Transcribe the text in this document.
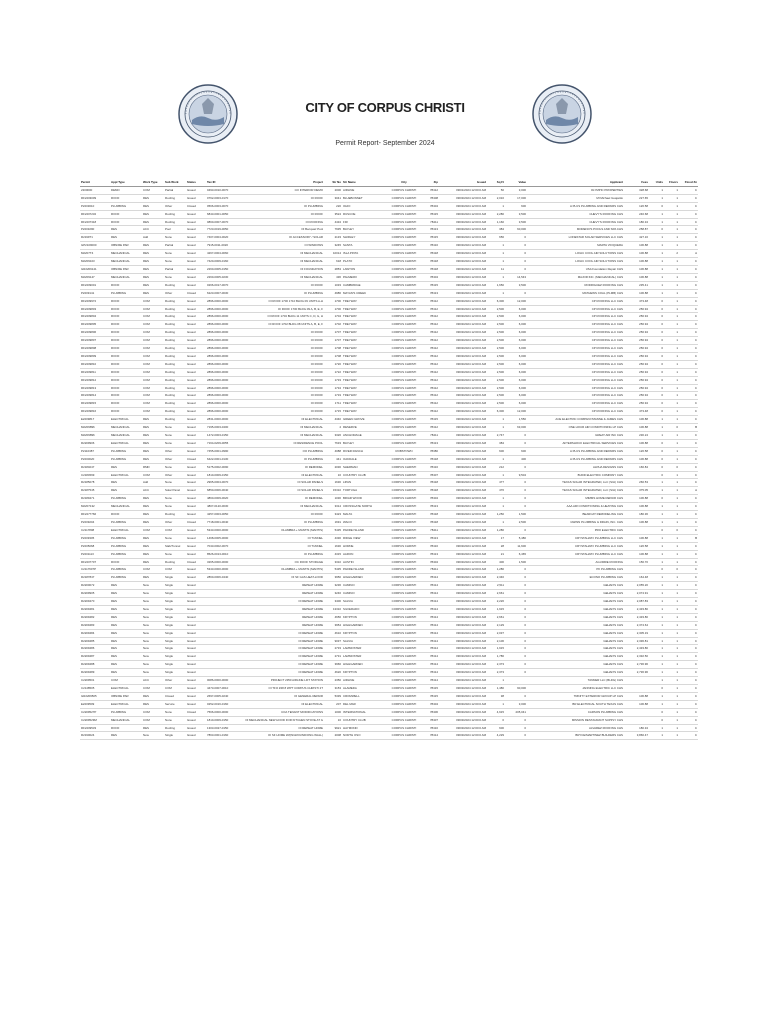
CITY OF CORPUS CHRISTI
Permit Report- September 2024
Permit	Appl Type	Work Type	Sub Work	Status	Tax ID	Project	Str No	Str Name	City	Zip	Issued	Sq Ft	Value	Applicant	Fees	Units	Floors	Flood Zn
2200000	DEMO	COM	Partial	Issued	0493-0010-0070	CO INTERIOR DEMO	2000	AIRLINE	CORPUS CHRISTI	78412	09/01/2024 12:00:0 AM	50	3,000	OLYMPIC PROPERTIES	328.68	1	1	C
RF2203009	ROOF	RES	Roofing	Issued	0762-0003-0170	OI ROOF	3041	BLUEBONNET	CORPUS CHRISTI	78408	09/03/2024 12:00:0 AM	2,016	17,000	MI Michael Guajardo	227.65	1	1	C
P2203010	PLUMBING	RES	Other	Closed	0566-0003-0070	OI PLUMBING	220	OHIO	CORPUS CHRISTI	78404	09/03/2024 12:00:0 AM	1	600	A PLUS PLUMBING AND REPAIRS CHS	126.58	0	1	C
RF2207232	ROOF	RES	Roofing	Issued	6843-0001-0050	OI ROOF	3524	RUSCOE	CORPUS CHRISTI	78415	09/03/2024 12:00:0 AM	2,280	3,500	CHEVY'S ROOFING CHS	246.68	1	1	C
RF2207318	ROOF	RES	Roofing	Issued	0860-0007-0070	OI ROOFING	4434	FIR	CORPUS CHRISTI	78411	09/03/2024 12:00:0 AM	1,160	3,500	CHEVY'S ROOFING CHS	180.34	1	1	C
P2203290	RES	ACC	Pool	Issued	7723-0019-0050	OI Becquaz Pool	7935	BAYLEY	CORPUS CHRISTI	78413	09/03/2024 12:00:0 AM	384	60,000	MORENO'S POOLS AND SPA CHS	258.87	0	1	C
R2199T1	RES	Add	None	Issued	7407-0004-0020	OI ACCESSORY / SOLAR	2133	SHIRLEY	CORPUS CHRISTI	78415	09/03/2024 12:00:0 AM	656	0	LONESTAR SOLAR SERVICES LLC CHS	427.16	1	1	C
GP2109000	OBN/RE PAR	RES	Partial	Issued	7915-0011-0020	OI WINDOWS	3245	SANTA	CORPUS CHRISTI	78416	09/03/2024 12:00:0 AM	1	0	MARTA VIOQUERA	106.88	1	1	C
M2207T4	MECHANICAL	RES	None	Issued	4267-0004-0060	OI MECHANICAL	10014	ISLA PINTA	CORPUS CHRISTI	78418	09/03/2024 12:00:0 AM	1	0	LOGIC COOL AIR SOLUTIONS CHS	106.88	1	2	A
M2209103	MECHANICAL	RES	None	Issued	7420-0009-0160	OI MECHANICAL	618	PLATO	CORPUS CHRISTI	78418	09/03/2024 12:00:0 AM	1	0	LOGIC COOL AIR SOLUTIONS CHS	106.88	1	1	C
GR2209141	OBN/RE PAR	RES	Partial	Issued	2260-0005-0150	OI FOUNDATION	2853	LAWTON	CORPUS CHRISTI	78418	09/03/2024 12:00:0 AM	11	0	USA Foundation Repair CHS	106.88	1	1	C
M2209147	MECHANICAL	RES	None	Issued	2260-0005-0230	OI MECHANICAL	436	PALMERO	CORPUS CHRISTI	78404	09/03/2024 12:00:0 AM	1	14,543	MAJOR INC. (MECHANICAL) CHS	106.88	1	1	C
RF2209001	ROOF	RES	Roofing	Issued	0266-0017-0070	OI ROOF	1033	CAMBRIDGE	CORPUS CHRISTI	78415	09/03/2024 12:00:0 AM	1,650	3,500	RODRIGUEZ ROOFING CHS	235.41	1	1	C
P2209141	PLUMBING	RES	Other	Closed	6223-0007-0030	OI PLUMBING	4986	MAYAN'S CREEK	CORPUS CHRISTI	78413	09/03/2024 12:00:0 AM	1	0	MATHEWS COAL (PLMB) CHS	106.88	1	1	C
RF2209972	ROOF	COM	Roofing	Issued	2896-0000-0000	OI ROOF 1700 1710 BLDG 09 UNITS A-H	1700	TREYWAY	CORPUS CHRISTI	78412	09/03/2024 12:00:0 AM	6,300	12,000	CP ROOFING LLC CHS	473.48	0	1	C
RF2209803	ROOF	COM	Roofing	Issued	2896-0000-0000	OI ROOF 1700 BLDG 09 A, B, E, F	1700	TREYWAY	CORPUS CHRISTI	78412	09/03/2024 12:00:0 AM	2,500	6,000	CP ROOFING LLC CHS	256.94	0	1	C
RF2209804	ROOF	COM	Roofing	Issued	2896-0000-0000	OI ROOF 1704 BLDG 11 UNITS C, D, G, H	1704	TREYWAY	CORPUS CHRISTI	78412	09/03/2024 12:00:0 AM	2,500	6,000	CP ROOFING LLC CHS	256.94	0	1	C
RF2209805	ROOF	COM	Roofing	Issued	2896-0000-0000	OI ROOF 1702 BLDG 08 UNITS A, B, E, F	1702	TREYWAY	CORPUS CHRISTI	78412	09/03/2024 12:00:0 AM	2,500	6,000	CP ROOFING LLC CHS	256.94	0	1	C
RF2209806	ROOF	COM	Roofing	Issued	2896-0000-0000	OI ROOF	1707	TREYWAY	CORPUS CHRISTI	78412	09/03/2024 12:00:0 AM	2,500	6,000	CP ROOFING LLC CHS	256.94	0	1	C
RF2209807	ROOF	COM	Roofing	Issued	2896-0000-0000	OI ROOF	1707	TREYWAY	CORPUS CHRISTI	78412	09/03/2024 12:00:0 AM	2,500	6,000	CP ROOFING LLC CHS	256.94	0	1	C
RF2209808	ROOF	COM	Roofing	Issued	2896-0000-0000	OI ROOF	1708	TREYWAY	CORPUS CHRISTI	78412	09/03/2024 12:00:0 AM	2,500	6,000	CP ROOFING LLC CHS	256.94	0	1	C
RF2209809	ROOF	COM	Roofing	Issued	2896-0000-0000	OI ROOF	1708	TREYWAY	CORPUS CHRISTI	78412	09/03/2024 12:00:0 AM	2,500	6,000	CP ROOFING LLC CHS	256.94	0	1	C
RF2209810	ROOF	COM	Roofing	Issued	2896-0000-0000	OI ROOF	1720	TREYWAY	CORPUS CHRISTI	78412	09/03/2024 12:00:0 AM	2,500	6,000	CP ROOFING LLC CHS	256.94	0	1	C
RF2209811	ROOF	COM	Roofing	Issued	2896-0000-0000	OI ROOF	1722	TREYWAY	CORPUS CHRISTI	78412	09/03/2024 12:00:0 AM	2,500	6,000	CP ROOFING LLC CHS	256.94	0	1	C
RF2209812	ROOF	COM	Roofing	Issued	2896-0000-0000	OI ROOF	1733	TREYWAY	CORPUS CHRISTI	78412	09/03/2024 12:00:0 AM	2,500	6,000	CP ROOFING LLC CHS	256.94	0	1	C
RF2209813	ROOF	COM	Roofing	Issued	2896-0000-0000	OI ROOF	1734	TREYWAY	CORPUS CHRISTI	78412	09/03/2024 12:00:0 AM	2,500	6,000	CP ROOFING LLC CHS	256.94	0	1	C
RF2209814	ROOF	COM	Roofing	Issued	2896-0000-0000	OI ROOF	1719	TREYWAY	CORPUS CHRISTI	78412	09/03/2024 12:00:0 AM	2,500	6,000	CP ROOFING LLC CHS	256.94	0	1	C
RF2209815	ROOF	COM	Roofing	Issued	2896-0000-0000	OI ROOF	1711	TREYWAY	CORPUS CHRISTI	78412	09/03/2024 12:00:0 AM	2,500	6,000	CP ROOFING LLC CHS	256.94	0	1	C
RF2209816	ROOF	COM	Roofing	Issued	2896-0000-0000	OI ROOF	1715	TREYWAY	CORPUS CHRISTI	78412	09/03/2024 12:00:0 AM	6,300	12,000	CP ROOFING LLC CHS	473.48	0	1	C
E2209817	ELECTRICAL	RES	Roofing	Issued	2831-0000-0000	OI ELECTRICAL	4340	GREEN GROVE	CORPUS CHRISTI	78415	09/03/2024 12:00:0 AM	1	1,550	ACE ELECTRIC COMPANY/MANNE & JAMES CHS	106.88	1	1	C
M2209896	MECHANICAL	RES	None	Issued	7195-0003-0400	OI MECHANICAL	4	RESERVE	CORPUS CHRISTI	78412	09/03/2024 12:00:0 AM	1	63,000	ONE HOUR AIR CONDITIONING LP CHS	106.88	1	0	B
M2209896	MECHANICAL	RES	None	Issued	1472-0003-0150	OI MECHANICAL	3326	ANCHORAGE	CORPUS CHRISTI	78411	09/03/2024 12:00:0 AM	2,747	0	GREAT AIR INC CHS	230.24	1	1	C
R2209906	ELECTRICAL	RES	None	Issued	7164-0209-0055	OI RESIDENCE POOL	7633	BAYLEY	CORPUS CHRISTI	78413	09/03/2024 12:00:0 AM	384	0	AFTERSHOCK ELECTRICAL SERVICES CHS	106.88	0	1	C
P2110387	PLUMBING	RES	Other	Issued	7455-0001-0990	OO PLUMBING	4088	RIVER RANCH	ROBSTOWN	78380	09/03/2024 12:00:0 AM	600	600	A PLUS PLUMBING AND REPAIRS CHS	126.58	0	1	C
P2200020	PLUMBING	RES	Other	Closed	6422-0001-0130	OI PLUMBING	441	OAKDALE	CORPUS CHRISTI	78418	09/03/2024 12:00:0 AM	1	400	A PLUS PLUMBING AND REPAIRS CHS	106.88	0	1	C
R2184047	RES	RMD	None	Issued	5175-0002-0090	OI REMODEL	2030	SHERMAN	CORPUS CHRISTI	78416	09/03/2024 12:00:0 AM	212	0	ALPHA DESIGNS CHS	166.84	0	0	C
C2184599	ELECTRICAL	COM	Other	Issued	1810-0009-0150	OI ELECTRICAL	16	COUNTRY CLUB	CORPUS CHRISTI	78407	09/03/2024 12:00:0 AM	1	9,504	BUDD ELECTRIC COMPANY CHS		0	1	C
R2185078	RES	Add	None	Issued	2965-0004-0070	OI SOLAR PANELS	1630	LIPAN	CORPUS CHRISTI	78418	09/03/2024 12:00:0 AM	477	0	TEXAS SOLAR INTEGRATED, LLC (SGI) CHS	266.53	1	1	C
R2187545	RES	ACC	Solar Panel	Issued	6850-0006-0040	OI SOLAR PANELS	15310	TORTUGA	CORPUS CHRISTI	78418	09/03/2024 12:00:0 AM	476	0	TEXAS SOLAR INTEGRATED, LLC (SGI) CHS	375.05	1	1	A
R2189471	PLUMBING	RES	None	Issued	4860-0009-0020	OI REMODEL	1030	BRIAR WOOD	CORPUS CHRISTI	78404	09/03/2024 12:00:0 AM	1	0	MIMMS HOME REPAIR CHS	106.88	0	1	C
M2207132	MECHANICAL	RES	None	Issued	4807-0120-0030	OI MECHANICAL	3314	CROSSGATE NORTH	CORPUS CHRISTI	78413	09/03/2024 12:00:0 AM	1	0	AAA AIR CONDITIONING & HEATING CHS	106.88	1	1	C
RF2277766	ROOF	RES	Roofing	Issued	4257-0003-0050	OI ROOF	3423	MALTA	CORPUS CHRISTI	78418	09/03/2024 12:00:0 AM	1,250	1,500	BEARCAT REMODELING CHS	180.36	1	1	C
P2209204	PLUMBING	RES	Other	Closed	7718-0001-0040	OI PLUMBING	1691	WACO	CORPUS CHRISTI	78418	09/03/2024 12:00:0 AM	1	2,500	GWINN PLUMBING & DRAIN, INC. CHS	106.88	1	1	C
C2117808	ELECTRICAL	COM	COM	Issued	5343-0000-0000	OLAMBRA + MANTIS (MANTIS)	5435	PADRE ISLAND	CORPUS CHRISTI	78411	09/03/2024 12:00:0 AM	1,280	0	PRO ELECTRIC CHS		0	0	C
P2209305	PLUMBING	RES	None	Issued	1468-0005-0000	OI TUNNEL	4330	RIDGE VIEW	CORPUS CHRISTI	78413	09/03/2024 12:00:0 AM	17	5,480	CRYSTALWAY PLUMBING LLC CHS	106.88	1	1	B
P2205068	PLUMBING	RES	Slab/Tunnel	Issued	7043-0002-0070	OI TUNNEL	1630	HORNE	CORPUS CHRISTI	78416	09/03/2024 12:00:0 AM	28	11,600	CRYSTALWAY PLUMBING LLC CHS	126.58	1	1	C
P2201113	PLUMBING	RES	None	Issued	8526-0013-0010	OI PLUMBING	4315	AARON	CORPUS CHRISTI	78413	09/03/2024 12:00:0 AM	21	6,465	CRYSTALWAY PLUMBING LLC CHS	106.88	1	1	C
RF2207707	ROOF	RES	Roofing	Closed	3265-0000-0000	OC ROOF STORAGE	3310	AUSTIN	CORPUS CHRISTI	78404	09/03/2024 12:00:0 AM	400	1,500	AGUIRRE ROOFING	156.70	1	1	C
C2117607P	PLUMBING	COM	COM	Issued	5343-0000-0000	OLAMBRA + MANTIS (MANTIS)	5435	PADRE ISLAND	CORPUS CHRISTI	78411	09/03/2024 12:00:0 AM	1,280	0	PK PLUMBING CHS		0	0	C
R2187847	PLUMBING	RES	Single	Issued	2860-0006-0440	OI SF GAS HEAT-LOOD	3950	HIGHGARDEN	CORPUS CHRISTI	78414	09/03/2024 12:00:0 AM	2,346	0	ECONO PLUMBING CHS	164.48	1	1	C
R2200072	RES	New	Single	Issued		REPEAT HOME	3236	CAMINO	CORPUS CHRISTI	78414	09/03/2024 12:00:0 AM	2,511	0	GEHAN'S CHS	2,055.20	1	1	C
R2209905	RES	New	Single	Issued		REPEAT HOME	3246	CAMINO	CORPUS CHRISTI	78414	09/03/2024 12:00:0 AM	2,661	0	GEHAN'S CHS	2,074.91	1	1	C
R2209470	RES	New	Single	Issued		OI REPEAT HOME	3400	SALVIA	CORPUS CHRISTI	78414	09/03/2024 12:00:0 AM	2,226	0	GEHAN'S CHS	2,087.83	1	1	C
R2209481	RES	New	Single	Issued		REPEAT HOME	13310	SILVERADO	CORPUS CHRISTI	78414	09/03/2024 12:00:0 AM	1,915	0	GEHAN'S CHS	2,433.80	1	1	C
R2209482	RES	New	Single	Issued		REPEAT HOME	4656	KRYPTON	CORPUS CHRISTI	78414	09/03/2024 12:00:0 AM	2,661	0	GEHAN'S CHS	2,433.80	1	1	C
R2209483	RES	New	Single	Issued		REPEAT HOME	3954	HIGHGARDEN	CORPUS CHRISTI	78414	09/03/2024 12:00:0 AM	2,129	0	GEHAN'S CHS	2,374.64	1	1	C
R2209484	RES	New	Single	Issued		OI REPEAT HOME	4610	KRYPTON	CORPUS CHRISTI	78414	09/03/2024 12:00:0 AM	2,037	0	GEHAN'S CHS	2,305.19	1	1	C
R2209485	RES	New	Single	Issued		OI REPEAT HOME	9037	SALVIA	CORPUS CHRISTI	78414	09/03/2024 12:00:0 AM	2,106	0	GEHAN'S CHS	2,336.81	1	1	C
R2209486	RES	New	Single	Issued		OI REPEAT HOME	2733	LAMMOSTER	CORPUS CHRISTI	78414	09/03/2024 12:00:0 AM	1,915	0	GEHAN'S CHS	2,433.80	1	1	C
R2209487	RES	New	Single	Issued		OI REPEAT HOME	2731	LAMMOSTER	CORPUS CHRISTI	78414	09/03/2024 12:00:0 AM	1,786	0	GEHAN'S CHS	2,332.50	1	1	C
R2209488	RES	New	Single	Issued		OI REPEAT HOME	3966	HIGHGARDEN	CORPUS CHRISTI	78414	09/03/2024 12:00:0 AM	2,373	0	GEHAN'S CHS	2,736.96	1	1	C
R2209489	RES	New	Single	Issued		OI REPEAT HOME	4620	KRYPTON	CORPUS CHRISTI	78414	09/03/2024 12:00:0 AM	2,373	0	GEHAN'S CHS	2,736.96	1	1	C
C2209501	COM	ACC	Other	Issued	0086-0000-0000	PROJECT 2350 AIRLINE LIFT STATION	2350	AIRLINE	CORPUS CHRISTI	78414	09/03/2024 12:00:0 AM	1		TANNER LLC (BLDG) CHS		1	1	C
C2148505	ELECTRICAL	COM	COM	Issued	4473-0007-0010	OI TFO #48 8 WPT CORPUS CHRISTI 2T	3153	ALAMEDA	CORPUS CHRISTI	78415	09/03/2024 12:00:0 AM	1,480	90,000	JANNING ELECTRIC LLC CHS		0	1	C
GR2209505	OBN/RE PAR	RES	Closed	Issued	2697-0005-0240	OI GENERAL REPAIR	5339	CROMWELL	CORPUS CHRISTI	78415	09/03/2024 12:00:0 AM	38	0	TRINITY EXTERIOR GROUP LP CHS	106.88	1	1	C
E2209509	ELECTRICAL	RES	Service	Issued	0252-0016-0160	OI ELECTRICAL	207	DEL MAR	CORPUS CHRISTI	78404	09/03/2024 12:00:0 AM	1	3,000	BR ELECTRICAL SOUTH TEXAS CHS	106.88	1	1	C
C2209527P	PLUMBING	COM	None	Closed	7566-0000-0000	COA TENANT MODIFICATIONS	1000	INTERNATIONAL	CORPUS CHRISTI	78406	09/03/2024 12:00:0 AM	4,915	205,041	CARSON PLUMBING CHS		0	1	C
C2209529M	MECHANICAL	COM	None	Issued	1810-0009-0150	OI MECHANICAL NEW HOOD FOR KITCHEN STOVE AT G	16	COUNTRY CLUB	CORPUS CHRISTI	78407	09/03/2024 12:00:0 AM	0	0	MISSION RESTAURANT SUPPLY CHS		0	1	C
RF2209533	ROOF	RES	Roofing	Issued	1303-0027-0150	OI REPEAT HOME	9921	HAYMOND	CORPUS CHRISTI	78416	09/03/2024 12:00:0 AM	600	0	ALVAREZ ROOFING CHS	180.34	1	1	C
R2190024	RES	New	Single	Issued	7863-0001-0160	OI SF HOME W/(INGROUND/ONG WALL)	2008	NORTH OSO	CORPUS CHRISTI	78414	09/03/2024 12:00:0 AM	4,229	0	BRYCE/MARTINEZ BUILDERS CHS	3,866.47	1	1	C
